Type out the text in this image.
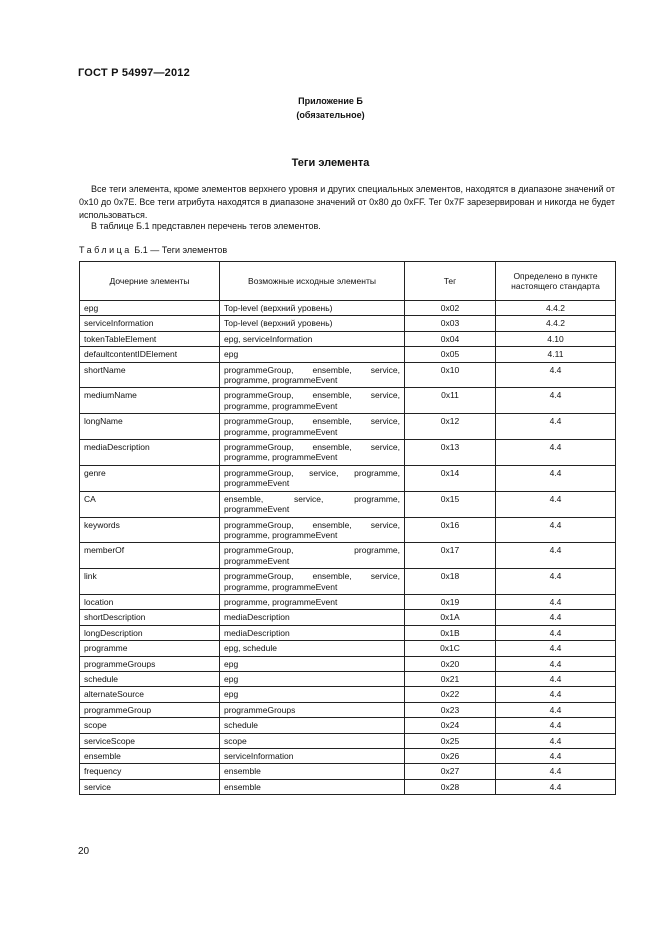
ГОСТ Р 54997—2012
Приложение Б
(обязательное)
Теги элемента
Все теги элемента, кроме элементов верхнего уровня и других специальных элементов, находятся в диапазоне значений от 0х10 до 0х7E. Все теги атрибута находятся в диапазоне значений от 0х80 до 0хFF. Тег 0х7F зарезервирован и никогда не будет использоваться.
В таблице Б.1 представлен перечень тегов элементов.
Таблица Б.1 — Теги элементов
Дочерние элементы	Возможные исходные элементы	Тег	Определено в пункте настоящего стандарта
epg	Top-level (верхний уровень)	0x02	4.4.2
serviceInformation	Top-level (верхний уровень)	0x03	4.4.2
tokenTableElement	epg, serviceInformation	0x04	4.10
defaultcontentIDElement	epg	0x05	4.11
shortName	programmeGroup, ensemble, service, programme, programmeEvent	0x10	4.4
mediumName	programmeGroup, ensemble, service, programme, programmeEvent	0x11	4.4
longName	programmeGroup, ensemble, service, programme, programmeEvent	0x12	4.4
mediaDescription	programmeGroup, ensemble, service, programme, programmeEvent	0x13	4.4
genre	programmeGroup, service, programme, programmeEvent	0x14	4.4
CA	ensemble, service, programme, programmeEvent	0x15	4.4
keywords	programmeGroup, ensemble, service, programme, programmeEvent	0x16	4.4
memberOf	programmeGroup, programme, programmeEvent	0x17	4.4
link	programmeGroup, ensemble, service, programme, programmeEvent	0x18	4.4
location	programme, programmeEvent	0x19	4.4
shortDescription	mediaDescription	0x1A	4.4
longDescription	mediaDescription	0x1B	4.4
programme	epg, schedule	0x1C	4.4
programmeGroups	epg	0x20	4.4
schedule	epg	0x21	4.4
alternateSource	epg	0x22	4.4
programmeGroup	programmeGroups	0x23	4.4
scope	schedule	0x24	4.4
serviceScope	scope	0x25	4.4
ensemble	serviceInformation	0x26	4.4
frequency	ensemble	0x27	4.4
service	ensemble	0x28	4.4
20
